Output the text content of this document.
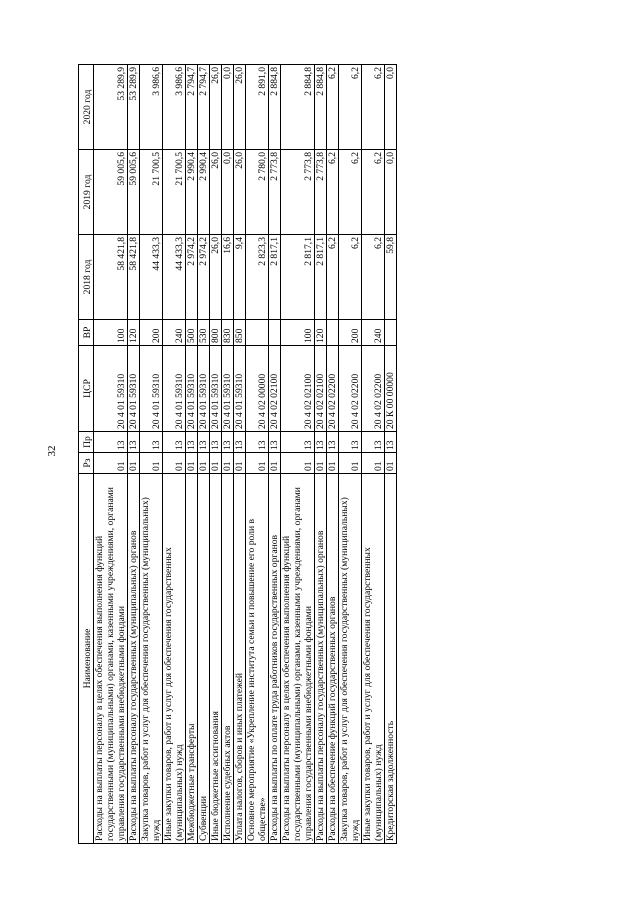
32
Наименование	Рз	Пр	ЦСР	ВР	2018 год	2019 год	2020 год
Расходы на выплаты персоналу в целях обеспечения выполнения функций государственными (муниципальными) органами, казенными учреждениями, органами управления государственными внебюджетными фондами	01	13	20 4 01 59310	100	58 421,8	59 005,6	53 289,9
Расходы на выплаты персоналу государственных (муниципальных) органов	01	13	20 4 01 59310	120	58 421,8	59 005,6	53 289,9
Закупка товаров, работ и услуг для обеспечения государственных (муниципальных) нужд	01	13	20 4 01 59310	200	44 433,3	21 700,5	3 986,6
Иные закупки товаров, работ и услуг для обеспечения государственных (муниципальных) нужд	01	13	20 4 01 59310	240	44 433,3	21 700,5	3 986,6
Межбюджетные трансферты	01	13	20 4 01 59310	500	2 974,2	2 990,4	2 794,7
Субвенции	01	13	20 4 01 59310	530	2 974,2	2 990,4	2 794,7
Иные бюджетные ассигнования	01	13	20 4 01 59310	800	26,0	26,0	26,0
Исполнение судебных актов	01	13	20 4 01 59310	830	16,6	0,0	0,0
Уплата налогов, сборов и иных платежей	01	13	20 4 01 59310	850	9,4	26,0	26,0
Основное мероприятие «Укрепление института семьи и повышение его роли в обществе»	01	13	20 4 02 00000		2 823,3	2 780,0	2 891,0
Расходы на выплаты по оплате труда работников государственных органов	01	13	20 4 02 02100		2 817,1	2 773,8	2 884,8
Расходы на выплаты персоналу в целях обеспечения выполнения функций государственными (муниципальными) органами, казенными учреждениями, органами управления государственными внебюджетными фондами	01	13	20 4 02 02100	100	2 817,1	2 773,8	2 884,8
Расходы на выплаты персоналу государственных (муниципальных) органов	01	13	20 4 02 02100	120	2 817,1	2 773,8	2 884,8
Расходы на обеспечение функций государственных органов	01	13	20 4 02 02200		6,2	6,2	6,2
Закупка товаров, работ и услуг для обеспечения государственных (муниципальных) нужд	01	13	20 4 02 02200	200	6,2	6,2	6,2
Иные закупки товаров, работ и услуг для обеспечения государственных (муниципальных) нужд	01	13	20 4 02 02200	240	6,2	6,2	6,2
Кредиторская задолженность	01	13	20 К 00 00000		59,8	0,0	0,0
